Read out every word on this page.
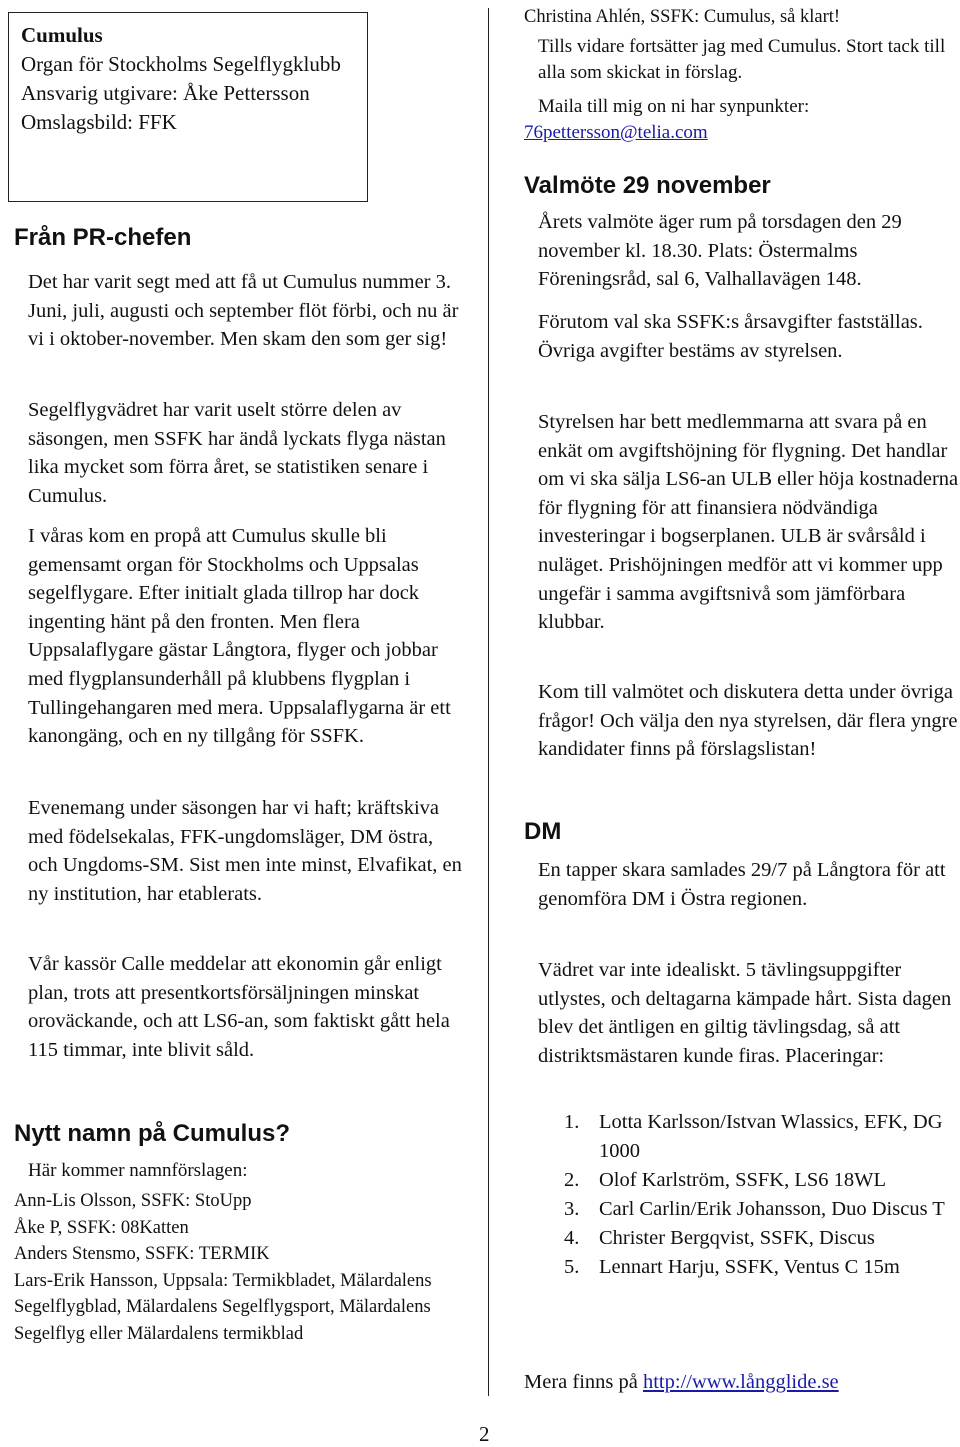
Cumulus
Organ för Stockholms Segelflygklubb
Ansvarig utgivare: Åke Pettersson
Omslagsbild: FFK
Från PR-chefen

Det har varit segt med att få ut Cumulus nummer 3. Juni, juli, augusti och september flöt förbi, och nu är vi i oktober-november. Men skam den som ger sig!

Segelflygvädret har varit uselt större delen av säsongen, men SSFK har ändå lyckats flyga nästan lika mycket som förra året, se statistiken senare i Cumulus.

I våras kom en propå att Cumulus skulle bli gemensamt organ för Stockholms och Uppsalas segelflygare. Efter initialt glada tillrop har dock ingenting hänt på den fronten. Men flera Uppsalaflygare gästar Långtora, flyger och jobbar med flygplansunderhåll på klubbens flygplan i Tullingehangaren med mera. Uppsalaflygarna är ett kanongäng, och en ny tillgång för SSFK.

Evenemang under säsongen har vi haft; kräftskiva med födelsekalas, FFK-ungdomsläger, DM östra, och Ungdoms-SM. Sist men inte minst, Elvafikat, en ny institution, har etablerats.

Vår kassör Calle meddelar att ekonomin går enligt plan, trots att presentkortsförsäljningen minskat oroväckande, och att LS6-an, som faktiskt gått hela 115 timmar, inte blivit såld.

Nytt namn på Cumulus?

Här kommer namnförslagen:

Ann-Lis Olsson, SSFK: StoUpp
Åke P, SSFK: 08Katten
Anders Stensmo, SSFK: TERMIK
Lars-Erik Hansson, Uppsala: Termikbladet, Mälardalens Segelflygblad, Mälardalens Segelflygsport, Mälardalens Segelflyg eller Mälardalens termikblad
Christina Ahlén, SSFK: Cumulus, så klart!

Tills vidare fortsätter jag med Cumulus. Stort tack till alla som skickat in förslag.

Maila till mig on ni har synpunkter:

76pettersson@telia.com

Valmöte 29 november

Årets valmöte äger rum på torsdagen den 29 november kl. 18.30. Plats: Östermalms Föreningsråd, sal 6, Valhallavägen 148.

Förutom val ska SSFK:s årsavgifter fastställas. Övriga avgifter bestäms av styrelsen.

Styrelsen har bett medlemmarna att svara på en enkät om avgiftshöjning för flygning. Det handlar om vi ska sälja LS6-an ULB eller höja kostnaderna för flygning för att finansiera nödvändiga investeringar i bogserplanen. ULB är svårsåld i nuläget. Prishöjningen medför att vi kommer upp ungefär i samma avgiftsnivå som jämförbara klubbar.

Kom till valmötet och diskutera detta under övriga frågor! Och välja den nya styrelsen, där flera yngre kandidater finns på förslagslistan!

DM

En tapper skara samlades 29/7 på Långtora för att genomföra DM i Östra regionen.

Vädret var inte idealiskt. 5 tävlingsuppgifter utlystes, och deltagarna kämpade hårt. Sista dagen blev det äntligen en giltig tävlingsdag, så att distriktsmästaren kunde firas. Placeringar:

1. Lotta Karlsson/Istvan Wlassics, EFK, DG 1000
2. Olof Karlström, SSFK, LS6 18WL
3. Carl Carlin/Erik Johansson, Duo Discus T
4. Christer Bergqvist, SSFK, Discus
5. Lennart Harju, SSFK, Ventus C 15m

Mera finns på http://www.långglide.se

2
